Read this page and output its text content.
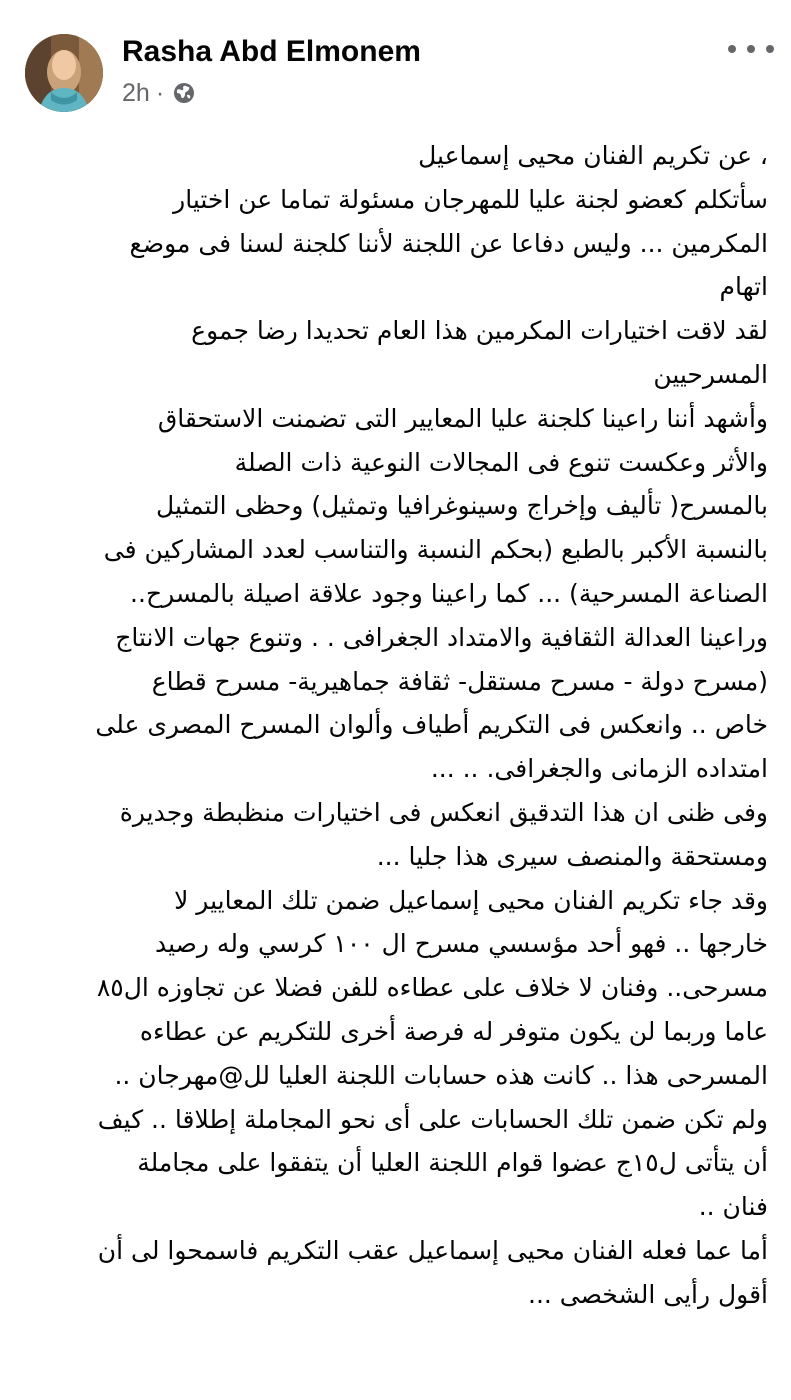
Rasha Abd Elmonem
2h ·
، عن تكريم الفنان محيى إسماعيل
سأتكلم كعضو لجنة عليا للمهرجان مسئولة تماما عن اختيار
المكرمين ... وليس دفاعا عن اللجنة لأننا كلجنة لسنا فى موضع
اتهام
لقد لاقت اختيارات المكرمين هذا العام تحديدا رضا جموع
المسرحيين
وأشهد أننا راعينا كلجنة عليا المعايير التى تضمنت الاستحقاق
والأثر وعكست تنوع فى المجالات النوعية ذات الصلة
بالمسرح( تأليف وإخراج وسينوغرافيا وتمثيل) وحظى التمثيل
بالنسبة الأكبر بالطبع (بحكم النسبة والتناسب لعدد المشاركين فى
الصناعة المسرحية) ... كما راعينا وجود علاقة اصيلة بالمسرح..
وراعينا العدالة الثقافية والامتداد الجغرافى . . وتنوع جهات الانتاج
(مسرح دولة - مسرح مستقل- ثقافة جماهيرية- مسرح قطاع
خاص .. وانعكس فى التكريم أطياف وألوان المسرح المصرى على
امتداده الزمانى والجغرافى. .. ...
وفى ظنى ان هذا التدقيق انعكس فى اختيارات منظبطة وجديرة
ومستحقة والمنصف سيرى هذا جليا ...
وقد جاء تكريم الفنان محيى إسماعيل ضمن تلك المعايير لا
خارجها .. فهو أحد مؤسسي مسرح ال ١٠٠ كرسي وله رصيد
مسرحى.. وفنان لا خلاف على عطاءه للفن فضلا عن تجاوزه ال٨٥
عاما وربما لن يكون متوفر له فرصة أخرى للتكريم عن عطاءه
المسرحى هذا .. كانت هذه حسابات اللجنة العليا لل@مهرجان ..
ولم تكن ضمن تلك الحسابات على أى نحو المجاملة إطلاقا .. كيف
أن يتأتى ل١٥ج عضوا قوام اللجنة العليا أن يتفقوا على مجاملة
فنان ..
أما عما فعله الفنان محيى إسماعيل عقب التكريم فاسمحوا لى أن
أقول رأيى الشخصى ...
